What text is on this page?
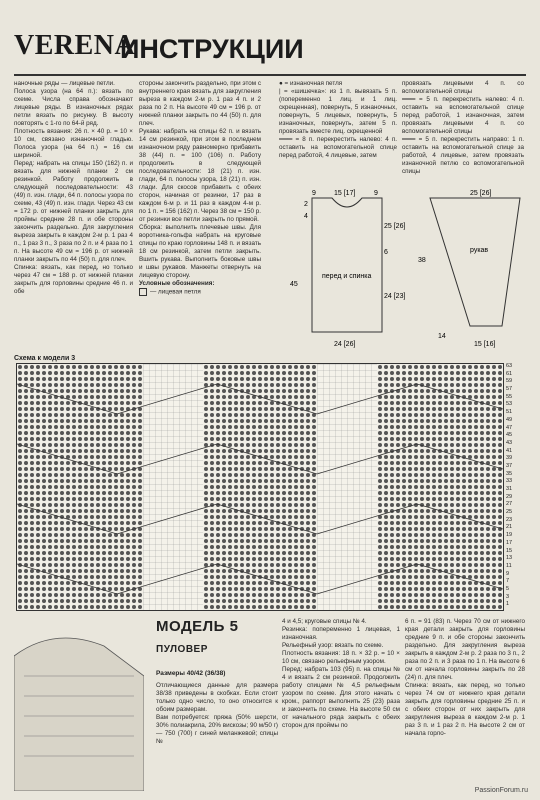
VERENA
ИНСТРУКЦИИ

наночные ряды — лицевые петли.

Полоса узора (на 64 п.): вязать по схеме. Числа справа обозначают лицевые ряды. В изнаночных рядах петли вязать по рисунку. В высоту повторять с 1-го по 64-й ряд.

Плотность вязания: 26 п. × 40 р. = 10 × 10 см, связано изнаночной гладью. Полоса узора (на 64 п.) = 16 см шириной.

Перед: набрать на спицы 150 (162) п. и вязать для нижней планки 2 см резинкой. Работу продолжить в следующей последовательности: 43 (49) п. изн. глади, 64 п. полосы узора по схеме, 43 (49) п. изн. глади. Через 43 см = 172 р. от нижней планки закрыть для проймы средние 28 п. и обе стороны закончить раздельно. Для закругления выреза закрыть в каждом 2-м р. 1 раз 4 п., 1 раз 3 п., 3 раза по 2 п. и 4 раза по 1 п. На высоте 49 см = 196 р. от нижней планки закрыть по 44 (50) п. для плеч.

Спинка: вязать, как перед, но только через 47 см = 188 р. от нижней планки закрыть для горловины средние 46 п. и обе

стороны закончить раздельно, при этом с внутреннего края вязать для закругления выреза в каждом 2-м р. 1 раз 4 п. и 2 раза по 2 п. На высоте 49 см = 196 р. от нижней планки закрыть по 44 (50) п. для плеч.

Рукава: набрать на спицы 62 п. и вязать 14 см резинкой, при этом в последнем изнаночном ряду равномерно прибавить 38 (44) п. = 100 (106) п. Работу продолжить в следующей последовательности: 18 (21) п. изн. глади, 64 п. полосы узора, 18 (21) п. изн. глади. Для скосов прибавить с обеих сторон, начиная от резинки, 17 раз в каждом 6-м р. и 11 раз в каждом 4-м р. по 1 п. = 156 (162) п. Через 38 см = 150 р. от резинки все петли закрыть по прямой.

Сборка: выполнить плечевые швы. Для воротника-гольфа набрать на круговые спицы по краю горловины 148 п. и вязать 18 см резинкой, затем петли закрыть. Вшить рукава. Выполнить боковые швы и швы рукавов. Манжеты отвернуть на лицевую сторону.

Условные обозначения:

— лицевая петля

● = изнаночная петля

| = «шишечка»: из 1 п. вывязать 5 п. (попеременно 1 лиц. и 1 лиц. скрещенная), повернуть, 5 изнаночных, повернуть, 5 лицевых, повернуть, 5 изнаночных, повернуть, затем 5 п. провязать вместе лиц. скрещенной

═══ = 8 п. перекрестить налево: 4 п. оставить на вспомогательной спице перед работой, 4 лицевые, затем

провязать лицевыми 4 п. со вспомогательной спицы

═══ = 5 п. перекрестить налево: 4 п. оставить на вспомогательной спице перед работой, 1 изнаночная, затем провязать лицевыми 4 п. со вспомогательной спицы

═══ = 5 п. перекрестить направо: 1 п. оставить на вспомогательной спице за работой, 4 лицевые, затем провязать изнаночной петлю со вспомогательной спицы

9	15 [17]	9
2
4
перед и спинка
45
25 [26]
6
24 [23]
24 [26]
25 [26]
38
рукав
14
15 [16]
Схема к модели 3
63
61
59
57
55
53
51
49
47
45
43
41
39
37
35
33
31
29
27
25
23
21
19
17
15
13
11
9
7
5
3
1
МОДЕЛЬ 5
ПУЛОВЕР
Размеры 40/42 (36/38)

Отличающиеся данные для размера 38/38 приведены в скобках. Если стоит только одно число, то оно относится к обоим размерам.

Вам потребуется: пряжа (50% шерсти, 30% полиакрила, 20% вискозы; 90 м/50 г) — 750 (700) г синей меланжевой; спицы №

4 и 4,5; круговые спицы № 4.

Резинка: попеременно 1 лицевая, 1 изнаночная.

Рельефный узор: вязать по схеме.

Плотность вязания: 18 п. × 32 р. = 10 × 10 см, связано рельефным узором.

Перед: набрать 103 (95) п. на спицы № 4 и вязать 2 см резинкой. Продолжить работу спицами № 4,5 рельефным узором по схеме. Для этого начать с кром., раппорт выполнить 25 (23) раза и закончить по схеме. На высоте 50 см от начального ряда закрыть с обеих сторон для проймы по

6 п. = 91 (83) п. Через 70 см от нижнего края детали закрыть для горловины средние 9 п. и обе стороны закончить раздельно. Для закругления выреза закрыть в каждом 2-м р. 2 раза по 3 п., 2 раза по 2 п. и 3 раза по 1 п. На высоте 6 см от начала горловины закрыть по 28 (24) п. для плеч.

Спинка: вязать, как перед, но только через 74 см от нижнего края детали закрыть для горловины средние 25 п. и с обеих сторон от них закрыть для закругления выреза в каждом 2-м р. 1 раз 3 п. и 1 раз 2 п. На высоте 2 см от начала горло-

PassionForum.ru
